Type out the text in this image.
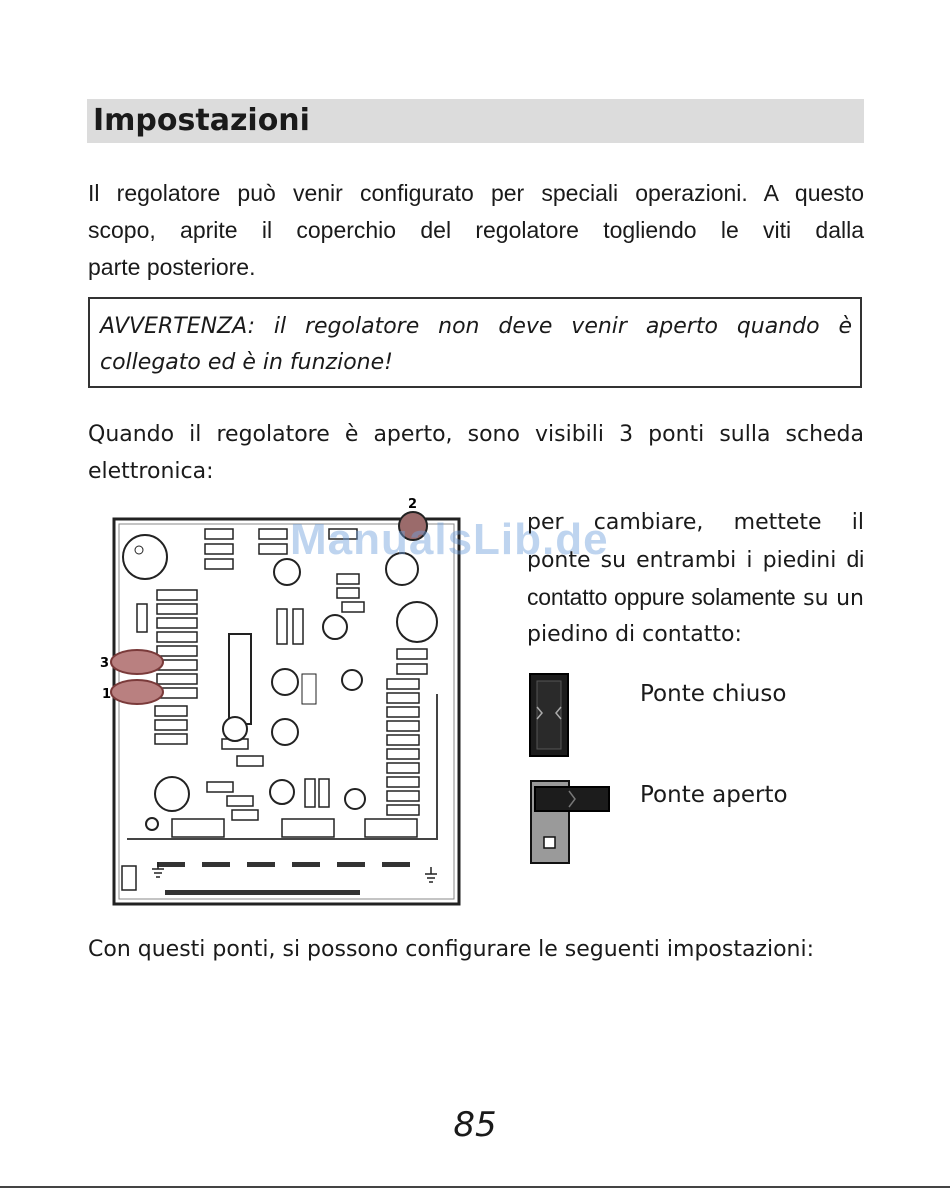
Impostazioni

Il regolatore può venir configurato per speciali operazioni. A questo
scopo, aprite il coperchio del regolatore togliendo le viti dalla
parte posteriore.

AVVERTENZA: il regolatore non deve venir aperto quando è collegato ed è in funzione!

Quando il regolatore è aperto, sono visibili 3 ponti sulla scheda elettronica:

2
3
1
ManualsLib.de

per cambiare, mettete il ponte su entrambi i piedini di contatto oppure solamente su un piedino di contatto:

Ponte chiuso
Ponte aperto

Con questi ponti, si possono configurare le seguenti impostazioni:

85
